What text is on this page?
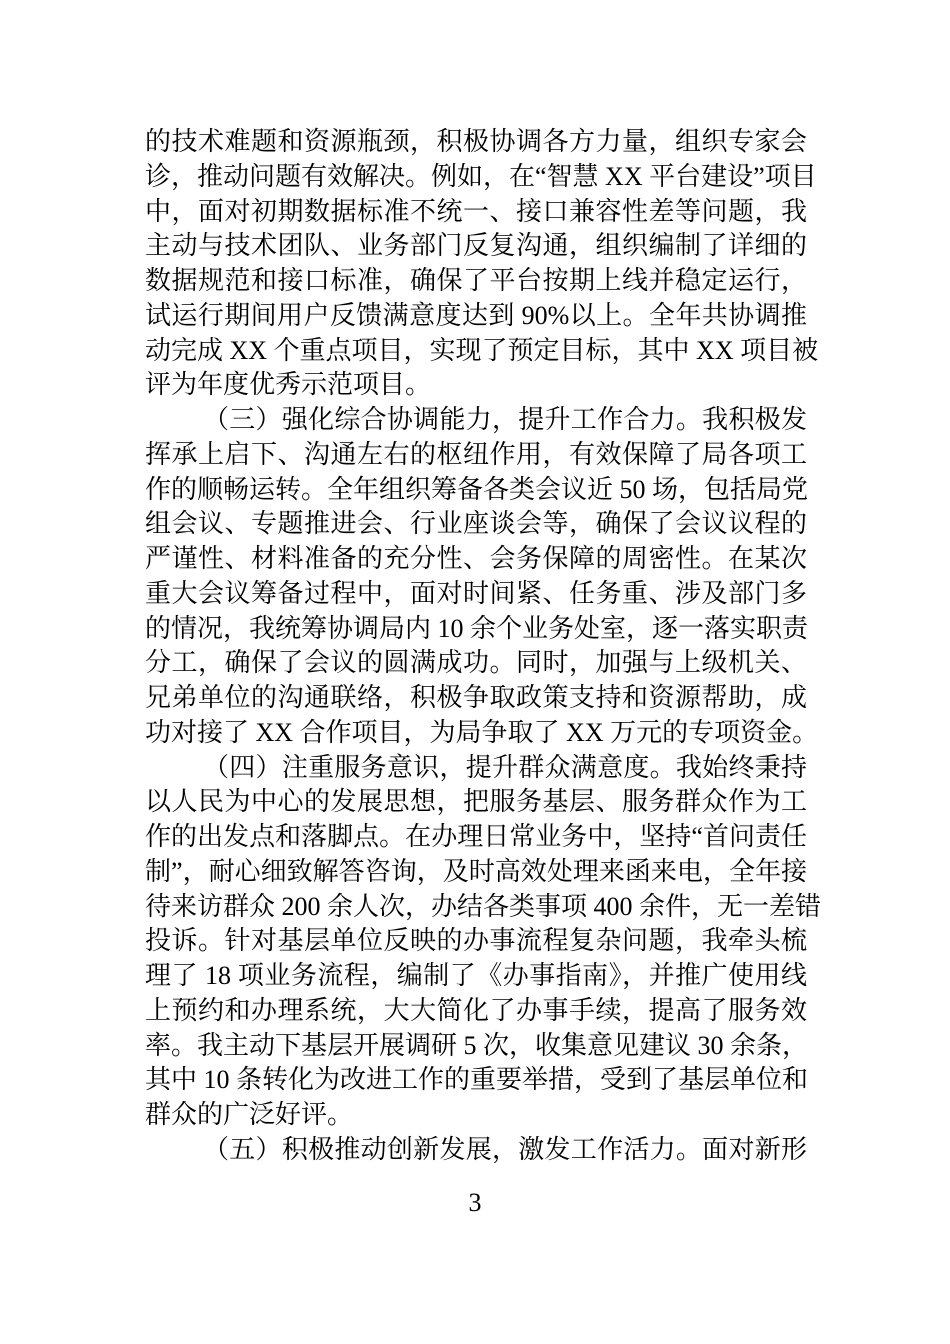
的技术难题和资源瓶颈，积极协调各方力量，组织专家会
诊，推动问题有效解决。例如，在“智慧 XX 平台建设”项目
中，面对初期数据标准不统一、接口兼容性差等问题，我
主动与技术团队、业务部门反复沟通，组织编制了详细的
数据规范和接口标准，确保了平台按期上线并稳定运行，
试运行期间用户反馈满意度达到 90%以上。全年共协调推
动完成 XX 个重点项目，实现了预定目标，其中 XX 项目被
评为年度优秀示范项目。
（三）强化综合协调能力，提升工作合力。我积极发
挥承上启下、沟通左右的枢纽作用，有效保障了局各项工
作的顺畅运转。全年组织筹备各类会议近 50 场，包括局党
组会议、专题推进会、行业座谈会等，确保了会议议程的
严谨性、材料准备的充分性、会务保障的周密性。在某次
重大会议筹备过程中，面对时间紧、任务重、涉及部门多
的情况，我统筹协调局内 10 余个业务处室，逐一落实职责
分工，确保了会议的圆满成功。同时，加强与上级机关、
兄弟单位的沟通联络，积极争取政策支持和资源帮助，成
功对接了 XX 合作项目，为局争取了 XX 万元的专项资金。
（四）注重服务意识，提升群众满意度。我始终秉持
以人民为中心的发展思想，把服务基层、服务群众作为工
作的出发点和落脚点。在办理日常业务中，坚持“首问责任
制”，耐心细致解答咨询，及时高效处理来函来电，全年接
待来访群众 200 余人次，办结各类事项 400 余件，无一差错
投诉。针对基层单位反映的办事流程复杂问题，我牵头梳
理了 18 项业务流程，编制了《办事指南》，并推广使用线
上预约和办理系统，大大简化了办事手续，提高了服务效
率。我主动下基层开展调研 5 次，收集意见建议 30 余条，
其中 10 条转化为改进工作的重要举措，受到了基层单位和
群众的广泛好评。
（五）积极推动创新发展，激发工作活力。面对新形
3
